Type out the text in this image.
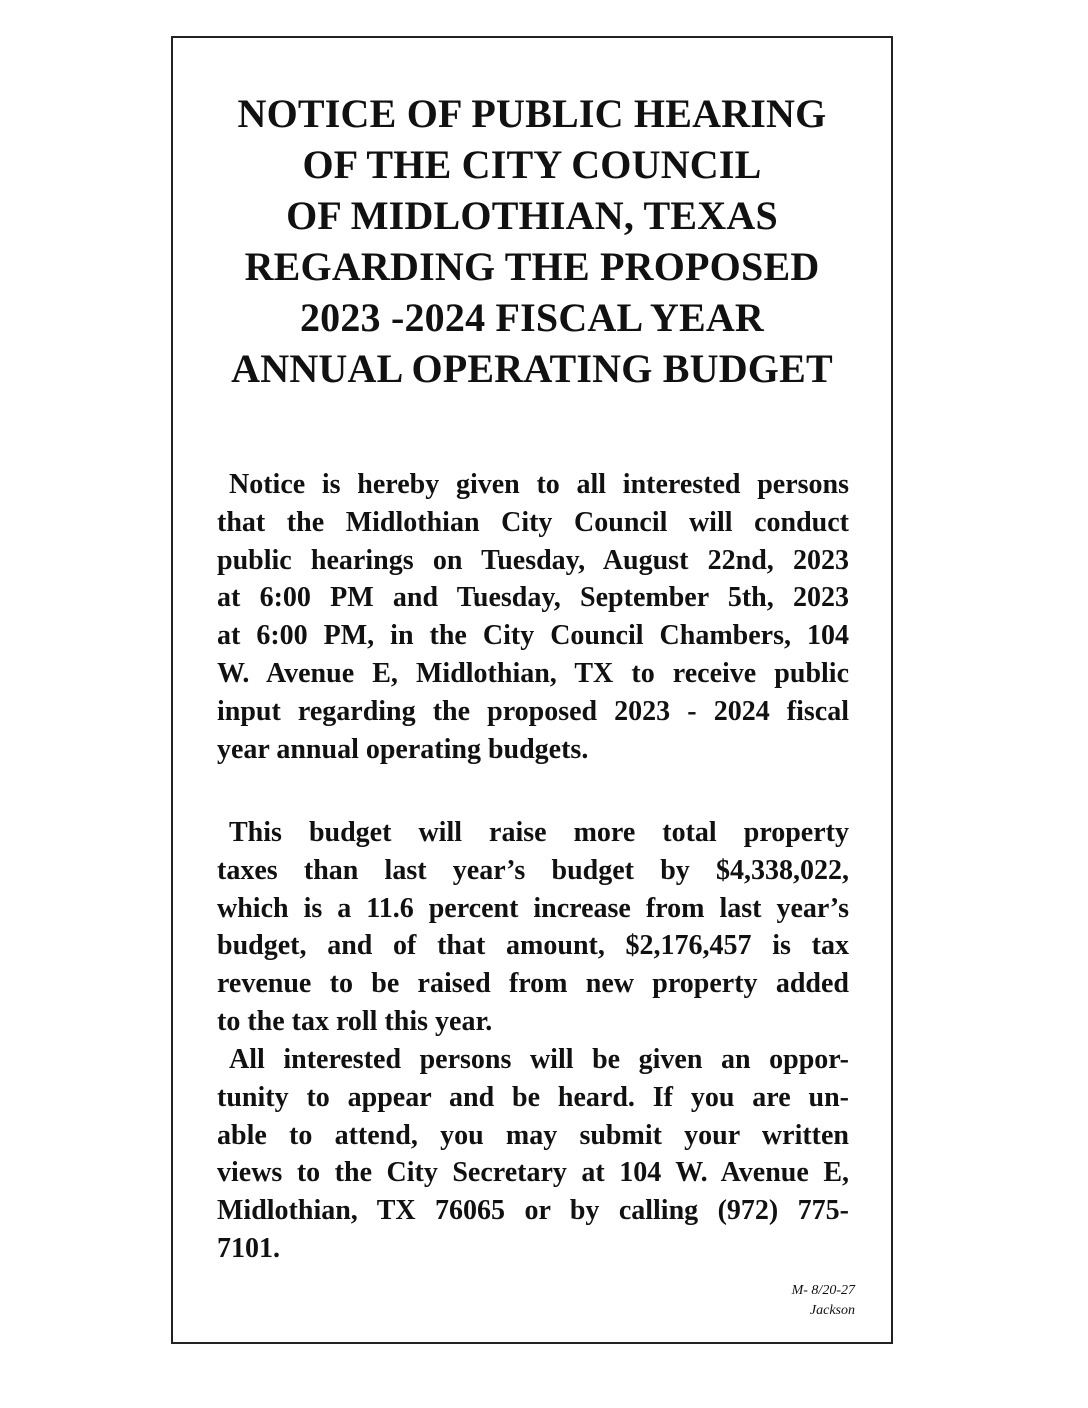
NOTICE OF PUBLIC HEARING
OF THE CITY COUNCIL
OF MIDLOTHIAN, TEXAS
REGARDING THE PROPOSED
2023 -2024 FISCAL YEAR
ANNUAL OPERATING BUDGET
Notice is hereby given to all interested persons
that the Midlothian City Council will conduct
public hearings on Tuesday, August 22nd, 2023
at 6:00 PM and Tuesday, September 5th, 2023
at 6:00 PM, in the City Council Chambers, 104
W. Avenue E, Midlothian, TX to receive public
input regarding the proposed 2023 - 2024 fiscal
year annual operating budgets.
This budget will raise more total property
taxes than last year’s budget by $4,338,022,
which is a 11.6 percent increase from last year’s
budget, and of that amount, $2,176,457 is tax
revenue to be raised from new property added
to the tax roll this year.
All interested persons will be given an oppor-
tunity to appear and be heard. If you are un-
able to attend, you may submit your written
views to the City Secretary at 104 W. Avenue E,
Midlothian, TX 76065 or by calling (972) 775-
7101.
M- 8/20-27
Jackson
